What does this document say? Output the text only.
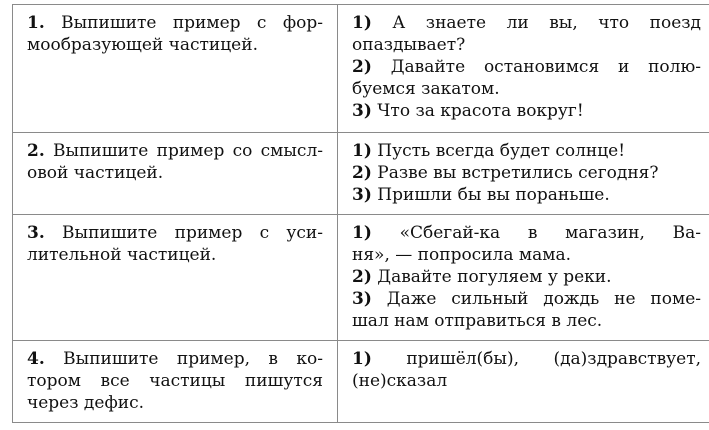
1. Выпишите пример с фор-
мообразующей частицей.	1) А знаете ли вы, что поезд
опаздывает?
2) Давайте остановимся и полю-
буемся закатом.
3) Что за красота вокруг!

2. Выпишите пример со смысл-
овой частицей.	1) Пусть всегда будет солнце!
2) Разве вы встретились сегодня?
3) Пришли бы вы пораньше.

3. Выпишите пример с уси-
лительной частицей.	1) «Сбегай-ка в магазин, Ва-
ня», — попросила мама.
2) Давайте погуляем у реки.
3) Даже сильный дождь не поме-
шал нам отправиться в лес.

4. Выпишите пример, в ко-
тором все частицы пишутся
через дефис.	1) пришёл(бы), (да)здравствует,
(не)сказал
